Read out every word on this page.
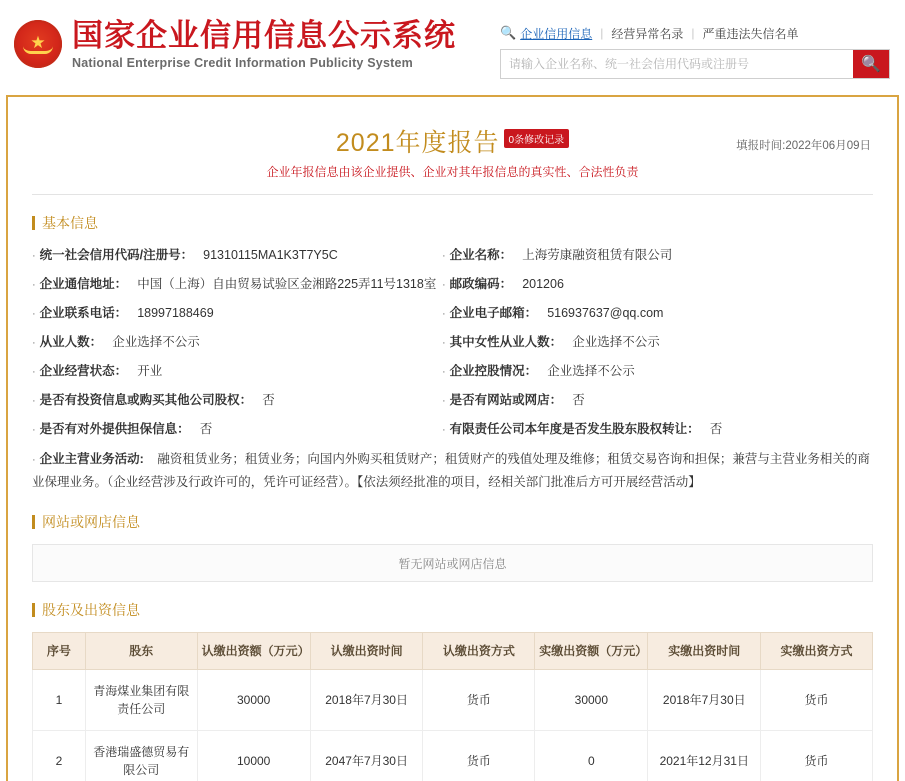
★ 国家企业信用信息公示系统
National Enterprise Credit Information Publicity System
🔍 企业信用信息 | 经营异常名录 | 严重违法失信名单
请输入企业名称、统一社会信用代码或注册号
🔍
2021年度报告 0条修改记录
企业年报信息由该企业提供、企业对其年报信息的真实性、合法性负责
填报时间:2022年06月09日
基本信息
· 统一社会信用代码/注册号： 91310115MA1K3T7Y5C	· 企业名称： 上海劳康融资租赁有限公司
· 企业通信地址： 中国（上海）自由贸易试验区金湘路225弄11号1318室 · 邮政编码： 201206
· 企业联系电话： 18997188469	· 企业电子邮箱： 516937637@qq.com
· 从业人数： 企业选择不公示	· 其中女性从业人数： 企业选择不公示
· 企业经营状态： 开业	· 企业控股情况： 企业选择不公示
· 是否有投资信息或购买其他公司股权： 否	· 是否有网站或网店： 否
· 是否有对外提供担保信息： 否	· 有限责任公司本年度是否发生股东股权转让： 否
· 企业主营业务活动: 融资租赁业务；租赁业务；向国内外购买租赁财产；租赁财产的残值处理及维修；租赁交易咨询和担保；兼营与主营业务相关的商业保理业务。（企业经营涉及行政许可的，凭许可证经营）。【依法须经批准的项目，经相关部门批准后方可开展经营活动】
网站或网店信息
暂无网站或网店信息
股东及出资信息
序号	股东	认缴出资额（万元）	认缴出资时间	认缴出资方式	实缴出资额（万元）	实缴出资时间	实缴出资方式
1	青海煤业集团有限责任公司	30000	2018年7月30日	货币	30000	2018年7月30日	货币
2	香港瑞盛德贸易有限公司	10000	2047年7月30日	货币	0	2021年12月31日	货币
